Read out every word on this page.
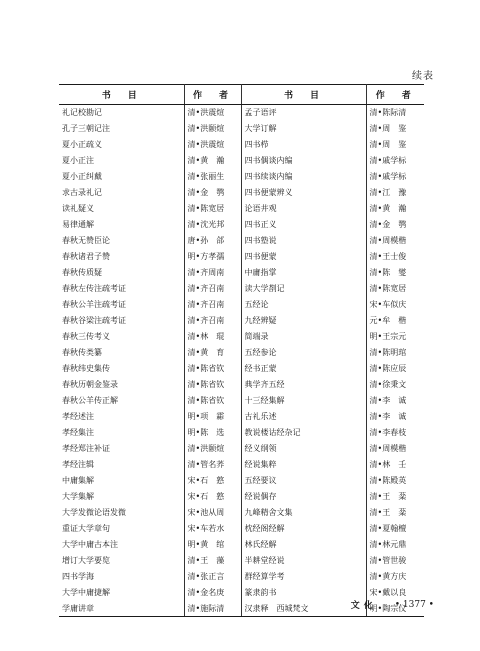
续表
书　目	作　者	书　目	作　者
礼记校勘记	清•洪震煊	孟子语评	清•陈际清
孔子三朝记注	清•洪颐煊	大学订解	清•周　鉴
夏小正疏义	清•洪震煊	四书栉	清•周　鉴
夏小正注	清•黄　瀚	四书偶谈内编	清•戚学标
夏小正纠戴	清•张丽生	四书续谈内编	清•戚学标
求古录礼记	清•金　鹗	四书便蒙辨义	清•江　豫
读礼疑义	清•陈宽居	论语井观	清•黄　瀚
易律通解	清•沈光邦	四书正义	清•金　鹗
春秋无赞臣论	唐•孙　郃	四书塾说	清•周模楷
春秋诸君子赞	明•方孝孺	四书便蒙	清•王士俊
春秋传质疑	清•齐周南	中庸指掌	清•陈　燮
春秋左传注疏考证	清•齐召南	读大学剳记	清•陈宽居
春秋公羊注疏考证	清•齐召南	五经论	宋•车似庆
春秋谷梁注疏考证	清•齐召南	九经辨疑	元•牟　楷
春秋三传考义	清•林　琨	简端录	明•王宗元
春秋传类纂	清•黄　育	五经参论	清•陈明琯
春秋纬史集传	清•陈省钦	经书正蒙	清•陈应辰
春秋历朝金鉴录	清•陈省钦	典学齐五经	清•徐秉文
春秋公羊传正解	清•陈省钦	十三经集解	清•李　诚
孝经述注	明•项　霦	古礼乐述	清•李　诚
孝经集注	明•陈　选	教说楼诂经杂记	清•李春枝
孝经郑注补证	清•洪颐煊	经义纲领	清•周模楷
孝经注辑	清•管名荞	经说集粹	清•林　壬
中庸集解	宋•石　憝	五经要议	清•陈殿英
大学集解	宋•石　憝	经说偶存	清•王　棻
大学发微论语发微	宋•池从周	九峰精舍文集	清•王　棻
重证大学章句	宋•车若水	枕经阁经解	清•夏翰檀
大学中庸古本注	明•黄　绾	林氏经解	清•林元鼎
增订大学要览	清•王　藻	半耕堂经说	清•管世骏
四书学海	清•张正言	群经算学考	清•黄方庆
大学中庸捷解	清•金名庚	篆隶韵书	宋•戴以良
学庸讲章	清•施际清	汉隶释　西城梵文	明•陶宗仪
文化 • 1377 •
